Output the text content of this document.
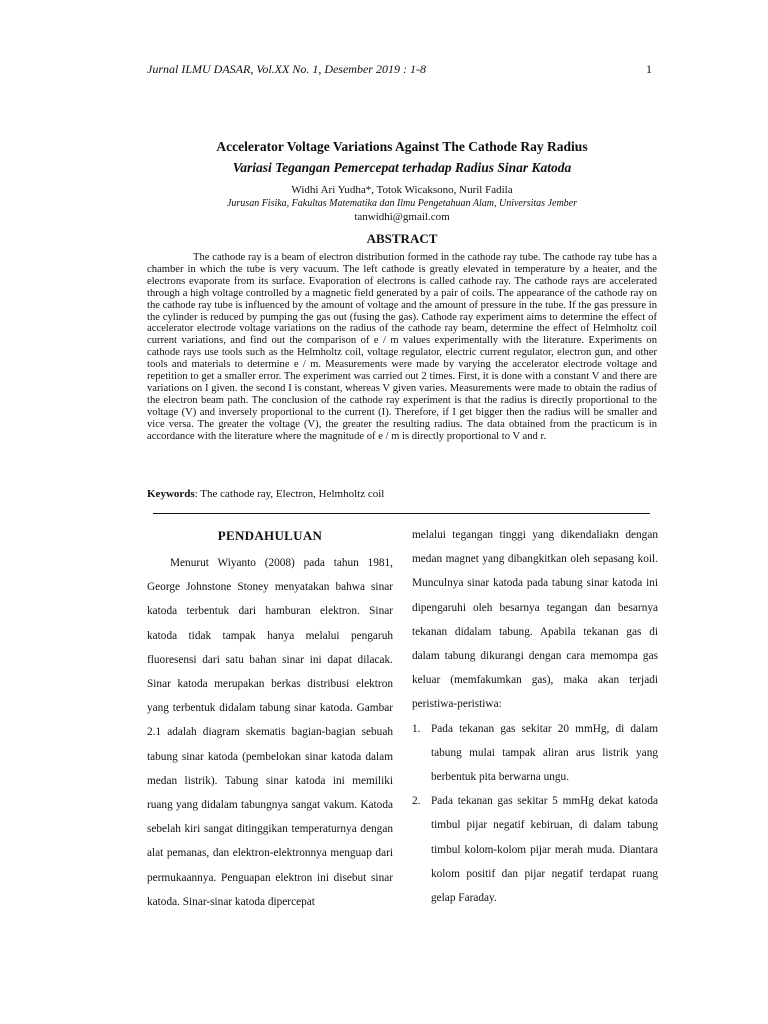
Jurnal ILMU DASAR, Vol.XX No. 1, Desember 2019 : 1-8	1

Accelerator Voltage Variations Against The Cathode Ray Radius

Variasi Tegangan Pemercepat terhadap Radius Sinar Katoda

Widhi Ari Yudha*, Totok Wicaksono, Nuril Fadila
Jurusan Fisika, Fakultas Matematika dan Ilmu Pengetahuan Alam, Universitas Jember
tanwidhi@gmail.com
ABSTRACT

The cathode ray is a beam of electron distribution formed in the cathode ray tube. The cathode ray tube has a chamber in which the tube is very vacuum. The left cathode is greatly elevated in temperature by a heater, and the electrons evaporate from its surface. Evaporation of electrons is called cathode ray. The cathode rays are accelerated through a high voltage controlled by a magnetic field generated by a pair of coils. The appearance of the cathode ray on the cathode ray tube is influenced by the amount of voltage and the amount of pressure in the tube. If the gas pressure in the cylinder is reduced by pumping the gas out (fusing the gas). Cathode ray experiment aims to determine the effect of accelerator electrode voltage variations on the radius of the cathode ray beam, determine the effect of Helmholtz coil current variations, and find out the comparison of e / m values experimentally with the literature. Experiments on cathode rays use tools such as the Helmholtz coil, voltage regulator, electric current regulator, electron gun, and other tools and materials to determine e / m. Measurements were made by varying the accelerator electrode voltage and repetition to get a smaller error. The experiment was carried out 2 times. First, it is done with a constant V and there are variations on I given. the second I is constant, whereas V given varies. Measurements were made to obtain the radius of the electron beam path. The conclusion of the cathode ray experiment is that the radius is directly proportional to the voltage (V) and inversely proportional to the current (I). Therefore, if I get bigger then the radius will be smaller and vice versa. The greater the voltage (V), the greater the resulting radius. The data obtained from the practicum is in accordance with the literature where the magnitude of e / m is directly proportional to V and r.

Keywords: The cathode ray, Electron, Helmholtz coil

PENDAHULUAN

Menurut Wiyanto (2008) pada tahun 1981, George Johnstone Stoney menyatakan bahwa sinar katoda terbentuk dari hamburan elektron. Sinar katoda tidak tampak hanya melalui pengaruh fluoresensi dari satu bahan sinar ini dapat dilacak. Sinar katoda merupakan berkas distribusi elektron yang terbentuk didalam tabung sinar katoda. Gambar 2.1 adalah diagram skematis bagian-bagian sebuah tabung sinar katoda (pembelokan sinar katoda dalam medan listrik). Tabung sinar katoda ini memiliki ruang yang didalam tabungnya sangat vakum. Katoda sebelah kiri sangat ditinggikan temperaturnya dengan alat pemanas, dan elektron-elektronnya menguap dari permukaannya. Penguapan elektron ini disebut sinar katoda. Sinar-sinar katoda dipercepat

melalui tegangan tinggi yang dikendaliakn dengan medan magnet yang dibangkitkan oleh sepasang koil. Munculnya sinar katoda pada tabung sinar katoda ini dipengaruhi oleh besarnya tegangan dan besarnya tekanan didalam tabung. Apabila tekanan gas di dalam tabung dikurangi dengan cara memompa gas keluar (memfakumkan gas), maka akan terjadi peristiwa-peristiwa:

1. Pada tekanan gas sekitar 20 mmHg, di dalam tabung mulai tampak aliran arus listrik yang berbentuk pita berwarna ungu.
2. Pada tekanan gas sekitar 5 mmHg dekat katoda timbul pijar negatif kebiruan, di dalam tabung timbul kolom-kolom pijar merah muda. Diantara kolom positif dan pijar negatif terdapat ruang gelap Faraday.
